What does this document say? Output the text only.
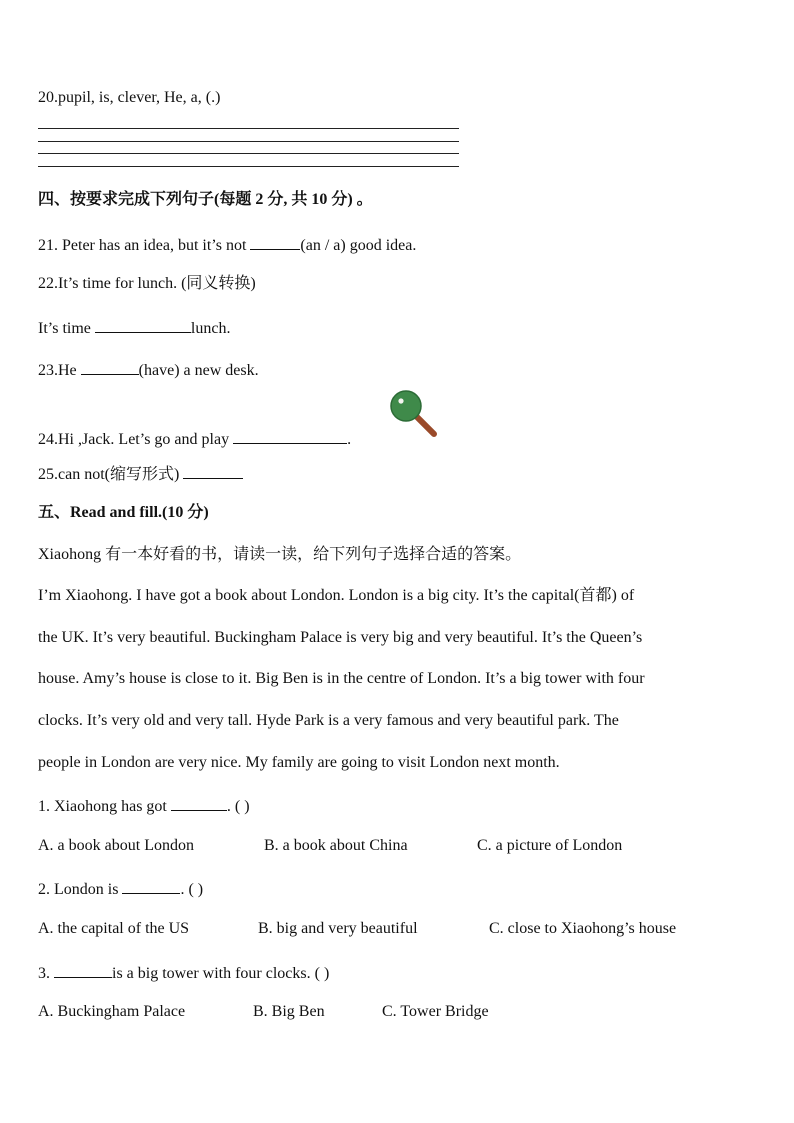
20.pupil, is, clever, He, a, (.)
四、按要求完成下列句子(每题 2 分, 共 10 分) 。
21. Peter has an idea, but it’s not	(an / a) good idea.
22.It’s time for lunch. (同义转换)
It’s time	lunch.
23.He	(have) a new desk.
24.Hi ,Jack. Let’s go and play	.
25.can not(缩写形式)
五、Read and fill.(10 分)
Xiaohong 有一本好看的书，请读一读，给下列句子选择合适的答案。
I’m Xiaohong. I have got a book about London. London is a big city. It’s the capital(首都) of
the UK. It’s very beautiful. Buckingham Palace is very big and very beautiful. It’s the Queen’s
house. Amy’s house is close to it. Big Ben is in the centre of London. It’s a big tower with four
clocks. It’s very old and very tall. Hyde Park is a very famous and very beautiful park. The
people in London are very nice. My family are going to visit London next month.
1. Xiaohong has got	. ( )
A. a book about London	B. a book about China	C. a picture of London
2. London is	. ( )
A. the capital of the US	B. big and very beautiful	C. close to Xiaohong’s house
3.	is a big tower with four clocks. ( )
A. Buckingham Palace	B. Big Ben	C. Tower Bridge
